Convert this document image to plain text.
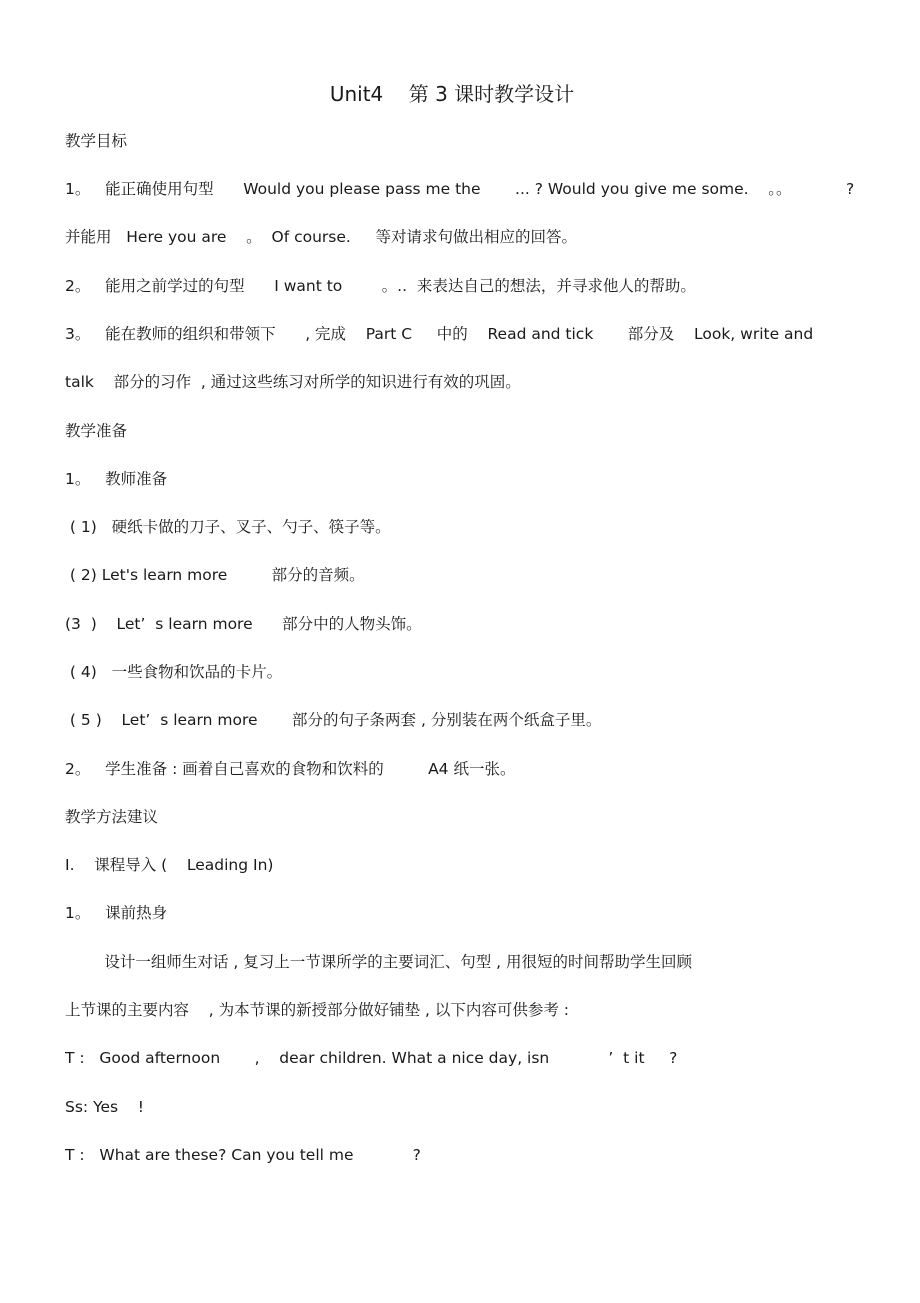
Unit4    第 3 课时教学设计
教学目标
1。   能正确使用句型      Would you please pass me the       ... ? Would you give me some.    。。	?
并能用   Here you are    。  Of course.     等对请求句做出相应的回答。
2。   能用之前学过的句型      I want to        。..  来表达自己的想法，并寻求他人的帮助。
3。   能在教师的组织和带领下      , 完成    Part C     中的    Read and tick       部分及    Look, write and
talk    部分的习作  , 通过这些练习对所学的知识进行有效的巩固。
教学准备
1。   教师准备
( 1)   硬纸卡做的刀子、叉子、勺子、筷子等。
( 2) Let's learn more         部分的音频。
(3  )    Let’  s learn more      部分中的人物头饰。
( 4)   一些食物和饮品的卡片。
( 5 )    Let’  s learn more       部分的句子条两套 , 分别装在两个纸盒子里。
2。   学生准备 : 画着自己喜欢的食物和饮料的         A4 纸一张。
教学方法建议
I.    课程导入 (    Leading In)
1。   课前热身
设计一组师生对话 , 复习上一节课所学的主要词汇、句型 , 用很短的时间帮助学生回顾
上节课的主要内容    , 为本节课的新授部分做好铺垫 , 以下内容可供参考 :
T :   Good afternoon       ,    dear children. What a nice day, isn            ’  t it     ?
Ss: Yes    !
T :   What are these? Can you tell me            ?
